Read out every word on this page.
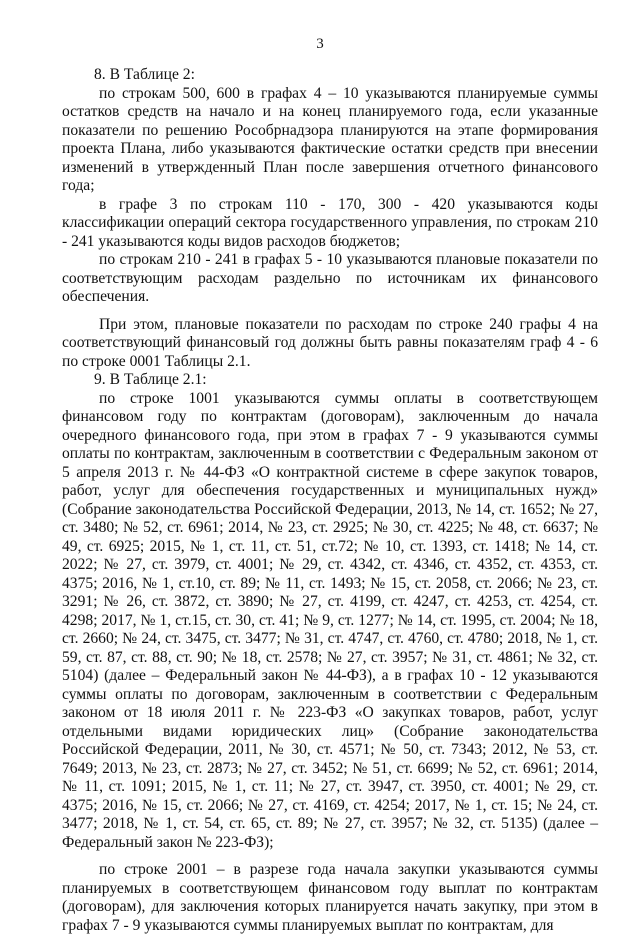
3

8. В Таблице 2:

по строкам 500, 600 в графах 4 – 10 указываются планируемые суммы остатков средств на начало и на конец планируемого года, если указанные показатели по решению Рособрнадзора планируются на этапе формирования проекта Плана, либо указываются фактические остатки средств при внесении изменений в утвержденный План после завершения отчетного финансового года;

в графе 3 по строкам 110 - 170, 300 - 420 указываются коды классификации операций сектора государственного управления, по строкам 210 - 241 указываются коды видов расходов бюджетов;

по строкам 210 - 241 в графах 5 - 10 указываются плановые показатели по соответствующим расходам раздельно по источникам их финансового обеспечения.

При этом, плановые показатели по расходам по строке 240 графы 4 на соответствующий финансовый год должны быть равны показателям граф 4 - 6 по строке 0001 Таблицы 2.1.

9. В Таблице 2.1:

по строке 1001 указываются суммы оплаты в соответствующем финансовом году по контрактам (договорам), заключенным до начала очередного финансового года, при этом в графах 7 - 9 указываются суммы оплаты по контрактам, заключенным в соответствии с Федеральным законом от 5 апреля 2013 г. № 44-ФЗ «О контрактной системе в сфере закупок товаров, работ, услуг для обеспечения государственных и муниципальных нужд» (Собрание законодательства Российской Федерации, 2013, № 14, ст. 1652; № 27, ст. 3480; № 52, ст. 6961; 2014, № 23, ст. 2925; № 30, ст. 4225; № 48, ст. 6637; № 49, ст. 6925; 2015, № 1, ст. 11, ст. 51, ст.72; № 10, ст. 1393, ст. 1418; № 14, ст. 2022; № 27, ст. 3979, ст. 4001; № 29, ст. 4342, ст. 4346, ст. 4352, ст. 4353, ст. 4375; 2016, № 1, ст.10, ст. 89; № 11, ст. 1493; № 15, ст. 2058, ст. 2066; № 23, ст. 3291; № 26, ст. 3872, ст. 3890; № 27, ст. 4199, ст. 4247, ст. 4253, ст. 4254, ст. 4298; 2017, № 1, ст.15, ст. 30, ст. 41; № 9, ст. 1277; № 14, ст. 1995, ст. 2004; № 18, ст. 2660; № 24, ст. 3475, ст. 3477; № 31, ст. 4747, ст. 4760, ст. 4780; 2018, № 1, ст. 59, ст. 87, ст. 88, ст. 90; № 18, ст. 2578; № 27, ст. 3957; № 31, ст. 4861; № 32, ст. 5104) (далее – Федеральный закон № 44-ФЗ), а в графах 10 - 12 указываются суммы оплаты по договорам, заключенным в соответствии с Федеральным законом от 18 июля 2011 г. № 223-ФЗ «О закупках товаров, работ, услуг отдельными видами юридических лиц» (Собрание законодательства Российской Федерации, 2011, № 30, ст. 4571; № 50, ст. 7343; 2012, № 53, ст. 7649; 2013, № 23, ст. 2873; № 27, ст. 3452; № 51, ст. 6699; № 52, ст. 6961; 2014, № 11, ст. 1091; 2015, № 1, ст. 11; № 27, ст. 3947, ст. 3950, ст. 4001; № 29, ст. 4375; 2016, № 15, ст. 2066; № 27, ст. 4169, ст. 4254; 2017, № 1, ст. 15; № 24, ст. 3477; 2018, № 1, ст. 54, ст. 65, ст. 89; № 27, ст. 3957; № 32, ст. 5135) (далее – Федеральный закон № 223-ФЗ);

по строке 2001 – в разрезе года начала закупки указываются суммы планируемых в соответствующем финансовом году выплат по контрактам (договорам), для заключения которых планируется начать закупку, при этом в графах 7 - 9 указываются суммы планируемых выплат по контрактам, для
